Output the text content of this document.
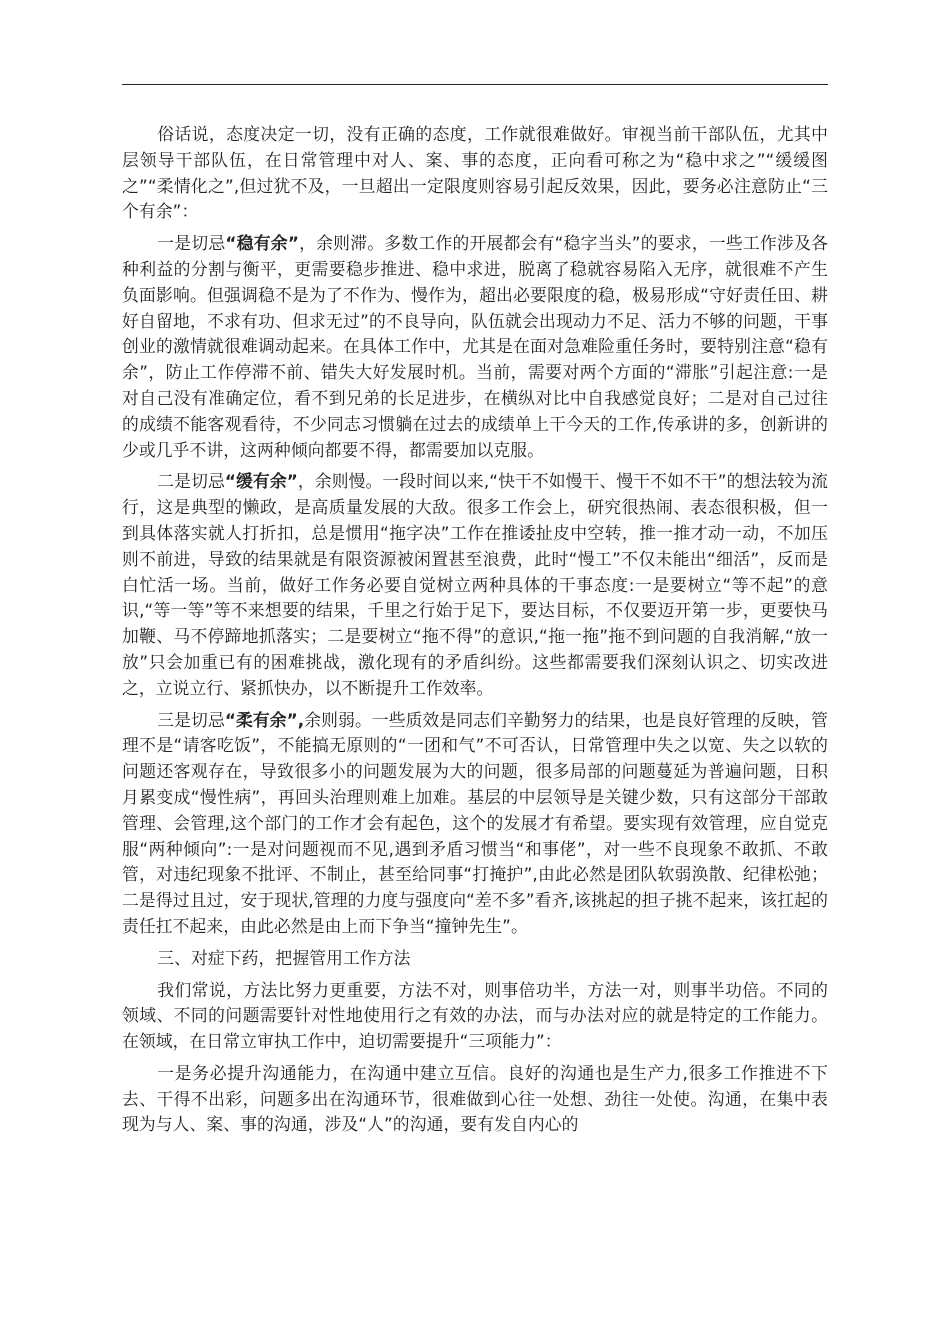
俗话说，态度决定一切，没有正确的态度，工作就很难做好。审视当前干部队伍，尤其中层领导干部队伍，在日常管理中对人、案、事的态度，正向看可称之为“稳中求之”“缓缓图之”“柔情化之”,但过犹不及，一旦超出一定限度则容易引起反效果，因此，要务必注意防止“三个有余”：

一是切忌“稳有余”，余则滞。多数工作的开展都会有“稳字当头”的要求，一些工作涉及各种利益的分割与衡平，更需要稳步推进、稳中求进，脱离了稳就容易陷入无序，就很难不产生负面影响。但强调稳不是为了不作为、慢作为，超出必要限度的稳，极易形成“守好责任田、耕好自留地，不求有功、但求无过”的不良导向，队伍就会出现动力不足、活力不够的问题，干事创业的激情就很难调动起来。在具体工作中，尤其是在面对急难险重任务时，要特别注意“稳有余”，防止工作停滞不前、错失大好发展时机。当前，需要对两个方面的“滞胀”引起注意:一是对自己没有准确定位，看不到兄弟的长足进步，在横纵对比中自我感觉良好；二是对自己过往的成绩不能客观看待，不少同志习惯躺在过去的成绩单上干今天的工作,传承讲的多，创新讲的少或几乎不讲，这两种倾向都要不得，都需要加以克服。

二是切忌“缓有余”，余则慢。一段时间以来,“快干不如慢干、慢干不如不干”的想法较为流行，这是典型的懒政，是高质量发展的大敌。很多工作会上，研究很热闹、表态很积极，但一到具体落实就人打折扣，总是惯用“拖字决”工作在推诿扯皮中空转，推一推才动一动，不加压则不前进，导致的结果就是有限资源被闲置甚至浪费，此时“慢工”不仅未能出“细活”，反而是白忙活一场。当前，做好工作务必要自觉树立两种具体的干事态度:一是要树立“等不起”的意识,“等一等”等不来想要的结果，千里之行始于足下，要达目标，不仅要迈开第一步，更要快马加鞭、马不停蹄地抓落实；二是要树立“拖不得”的意识,“拖一拖”拖不到问题的自我消解,“放一放”只会加重已有的困难挑战，激化现有的矛盾纠纷。这些都需要我们深刻认识之、切实改进之，立说立行、紧抓快办，以不断提升工作效率。

三是切忌“柔有余”,余则弱。一些质效是同志们辛勤努力的结果，也是良好管理的反映，管理不是“请客吃饭”，不能搞无原则的“一团和气”不可否认，日常管理中失之以宽、失之以软的问题还客观存在，导致很多小的问题发展为大的问题，很多局部的问题蔓延为普遍问题，日积月累变成“慢性病”，再回头治理则难上加难。基层的中层领导是关键少数，只有这部分干部敢管理、会管理,这个部门的工作才会有起色，这个的发展才有希望。要实现有效管理，应自觉克服“两种倾向”:一是对问题视而不见,遇到矛盾习惯当“和事佬”，对一些不良现象不敢抓、不敢管，对违纪现象不批评、不制止，甚至给同事“打掩护”,由此必然是团队软弱涣散、纪律松弛；二是得过且过，安于现状,管理的力度与强度向“差不多”看齐,该挑起的担子挑不起来，该扛起的责任扛不起来，由此必然是由上而下争当“撞钟先生”。

三、对症下药，把握管用工作方法

我们常说，方法比努力更重要，方法不对，则事倍功半，方法一对，则事半功倍。不同的领域、不同的问题需要针对性地使用行之有效的办法，而与办法对应的就是特定的工作能力。在领域，在日常立审执工作中，迫切需要提升“三项能力”：

一是务必提升沟通能力，在沟通中建立互信。良好的沟通也是生产力,很多工作推进不下去、干得不出彩，问题多出在沟通环节，很难做到心往一处想、劲往一处使。沟通，在集中表现为与人、案、事的沟通，涉及“人”的沟通，要有发自内心的
